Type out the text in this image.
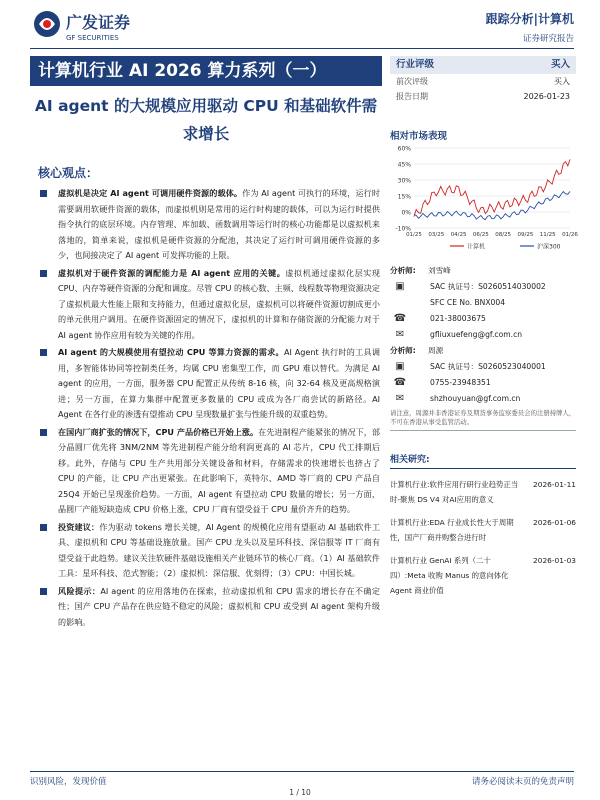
广发证券
GF SECURITIES
跟踪分析|计算机
证券研究报告
计算机行业 AI 2026 算力系列（一）
AI agent 的大规模应用驱动 CPU 和基础软件需求增长
行业评级	买入
前次评级	买入
报告日期	2026-01-23
相对市场表现
60%
45%
30%
15%
0%
-10%
01/25 03/25 04/25 06/25 08/25 09/25 11/25 01/26
计算机	沪深300
分析师:	刘雪峰
▣	SAC 执证号：S0260514030002
SFC CE No. BNX004
☎	021-38003675
✉	gfliuxuefeng@gf.com.cn
分析师:	周源
▣	SAC 执证号：S0260523040001
☎	0755-23948351
✉	shzhouyuan@gf.com.cn
请注意，周源并非香港证券及期货事务监察委员会的注册持牌人，不可在香港从事受监管活动。
相关研究:
计算机行业:软件应用行研行业趋势正当时-聚焦 DS V4 对AI应用的意义
2026-01-11
计算机行业:EDA 行业成长性大于周期性，国产厂商并购整合进行时
2026-01-06
计算机行业 GenAI 系列（二十四）:Meta 收购 Manus 的意向体化 Agent 商业价值
2026-01-03
核心观点：

虚拟机是决定 AI agent 可调用硬件资源的载体。作为 AI agent 可执行的环境，运行时需要调用软硬件资源的载体，而虚拟机则是常用的运行时构建的载体，可以为运行时提供指令执行的底层环境。内存管理、库加载、函数调用等运行时的核心功能都是以虚拟机来落地的，简单来说，虚拟机是硬件资源的分配池，其决定了运行时可调用硬件资源的多少，也间接决定了 AI agent 可发挥功能的上限。

虚拟机对于硬件资源的调配能力是 AI agent 应用的关键。虚拟机通过虚拟化层实现 CPU、内存等硬件资源的分配和调度。尽管 CPU 的核心数、主频、线程数等物理资源决定了虚拟机最大性能上限和支持能力，但通过虚拟化层，虚拟机可以将硬件资源切割成更小的单元供用户调用。在硬件资源固定的情况下，虚拟机的计算和存储资源的分配能力对于 AI agent 协作应用有较为关键的作用。

AI agent 的大规模使用有望拉动 CPU 等算力资源的需求。AI Agent 执行时的工具调用，多智能体协同等控制类任务，均属 CPU 密集型工作，而 GPU 难以替代。为满足 AI agent 的应用，一方面，服务器 CPU 配置正从传统 8-16 核，向 32-64 核及更高规格演进；另一方面，在算力集群中配置更多数量的 CPU 或成为各厂商尝试的新路径。AI Agent 在各行业的渗透有望推动 CPU 呈现数量扩张与性能升级的双重趋势。

在国内厂商扩张的情况下，CPU 产品价格已开始上涨。在先进制程产能紧张的情况下，部分晶圆厂优先将 3NM/2NM 等先进制程产能分给利润更高的 AI 芯片，CPU 代工排期后移。此外，存储与 CPU 生产共用部分关键设备和材料，存储需求的快速增长也挤占了 CPU 的产能，让 CPU 产出更紧张。在此影响下，英特尔、AMD 等厂商的 CPU 产品自 25Q4 开始已呈现涨价趋势。一方面，AI agent 有望拉动 CPU 数量的增长；另一方面，晶圆厂产能短缺造成 CPU 价格上涨，CPU 厂商有望受益于 CPU 量价齐升的趋势。

投资建议：作为驱动 tokens 增长关键，AI Agent 的规模化应用有望驱动 AI 基础软件工具、虚拟机和 CPU 等基础设施放量。国产 CPU 龙头以及星环科技、深信服等 IT 厂商有望受益于此趋势。建议关注软硬件基础设施相关产业链环节的核心厂商。（1）AI 基础软件工具：星环科技、范式智能；（2）虚拟机：深信服、优刻得；（3）CPU：中国长城。

风险提示：AI agent 的应用落地仍在探索，拉动虚拟机和 CPU 需求的增长存在不确定性；国产 CPU 产品存在供应链不稳定的风险；虚拟机和 CPU 或受到 AI agent 架构升级的影响。

识别风险，发现价值	请务必阅读末页的免责声明
1 / 10
